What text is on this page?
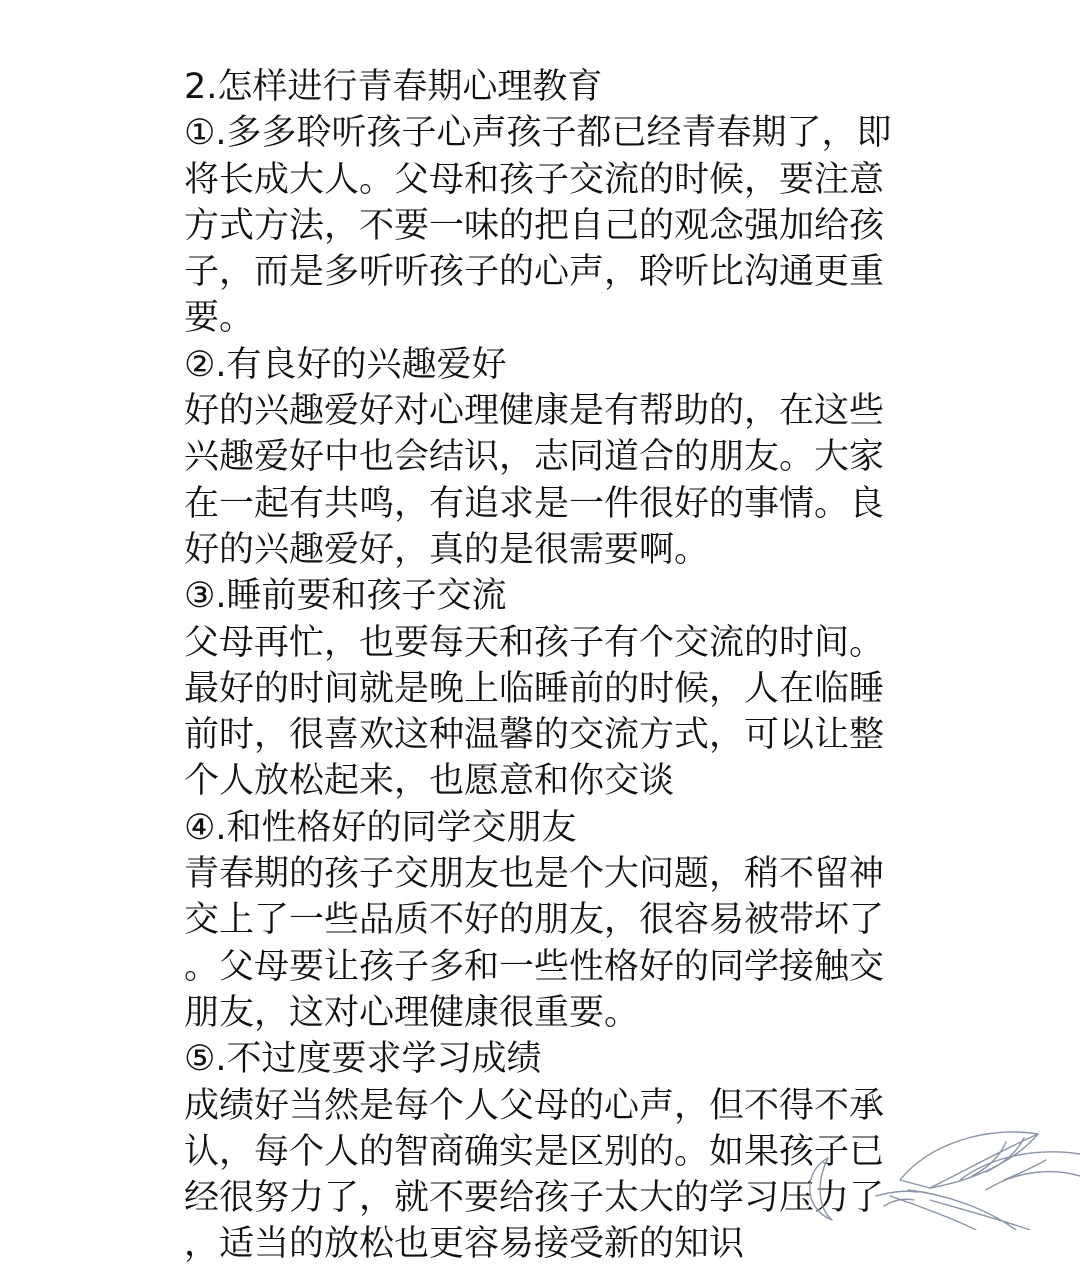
2.怎样进行青春期心理教育
①.多多聆听孩子心声孩子都已经青春期了，即
将长成大人。父母和孩子交流的时候，要注意
方式方法，不要一味的把自己的观念强加给孩
子，而是多听听孩子的心声，聆听比沟通更重
要。
②.有良好的兴趣爱好
好的兴趣爱好对心理健康是有帮助的，在这些
兴趣爱好中也会结识，志同道合的朋友。大家
在一起有共鸣，有追求是一件很好的事情。良
好的兴趣爱好，真的是很需要啊。
③.睡前要和孩子交流
父母再忙，也要每天和孩子有个交流的时间。
最好的时间就是晚上临睡前的时候，人在临睡
前时，很喜欢这种温馨的交流方式，可以让整
个人放松起来，也愿意和你交谈
④.和性格好的同学交朋友
青春期的孩子交朋友也是个大问题，稍不留神
交上了一些品质不好的朋友，很容易被带坏了
。父母要让孩子多和一些性格好的同学接触交
朋友，这对心理健康很重要。
⑤.不过度要求学习成绩
成绩好当然是每个人父母的心声，但不得不承
认，每个人的智商确实是区别的。如果孩子已
经很努力了，就不要给孩子太大的学习压力了
，适当的放松也更容易接受新的知识
